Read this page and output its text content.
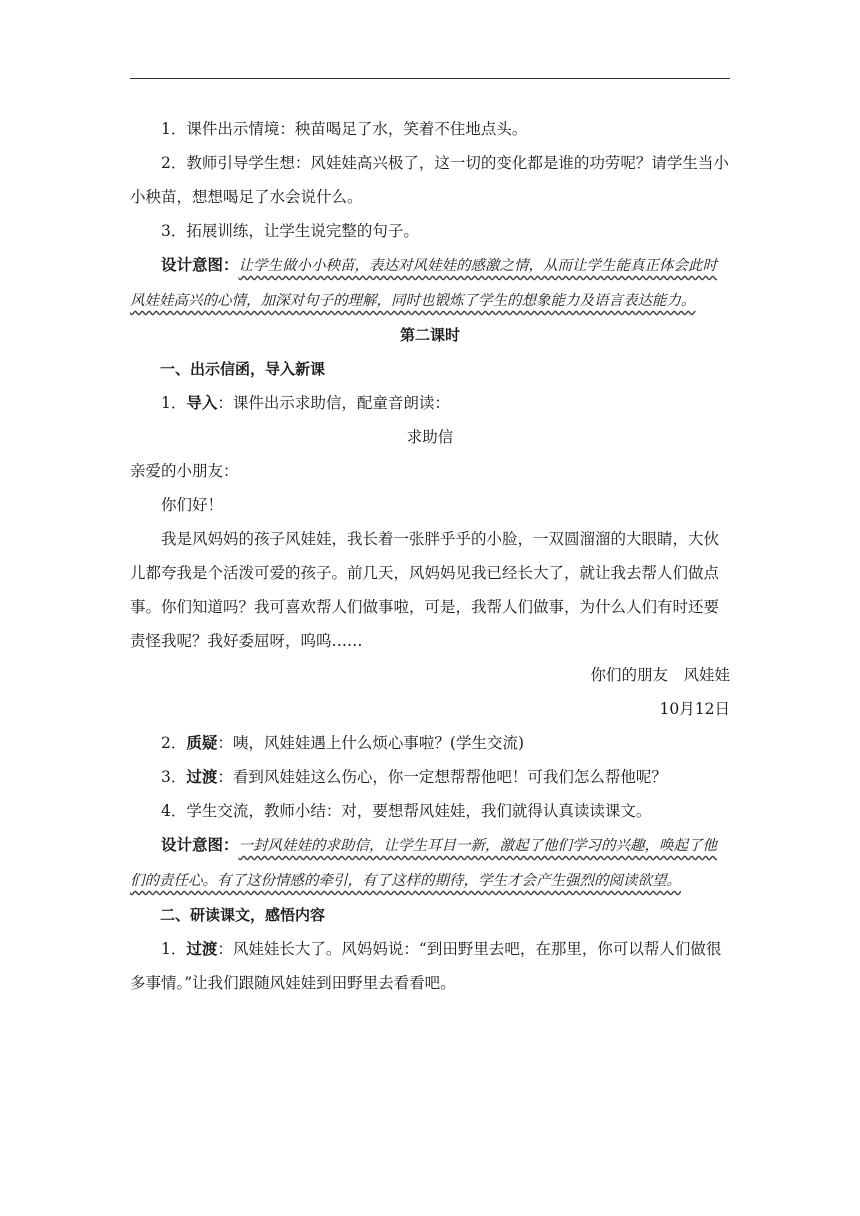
1．课件出示情境：秧苗喝足了水，笑着不住地点头。

2．教师引导学生想：风娃娃高兴极了，这一切的变化都是谁的功劳呢？请学生当小小秧苗，想想喝足了水会说什么。

3．拓展训练，让学生说完整的句子。

设计意图：让学生做小小秧苗，表达对风娃娃的感激之情，从而让学生能真正体会此时风娃娃高兴的心情，加深对句子的理解，同时也锻炼了学生的想象能力及语言表达能力。

第二课时

一、出示信函，导入新课

1．导入：课件出示求助信，配童音朗读：

求助信

亲爱的小朋友：

你们好！

我是风妈妈的孩子风娃娃，我长着一张胖乎乎的小脸，一双圆溜溜的大眼睛，大伙儿都夸我是个活泼可爱的孩子。前几天，风妈妈见我已经长大了，就让我去帮人们做点事。你们知道吗？我可喜欢帮人们做事啦，可是，我帮人们做事，为什么人们有时还要责怪我呢？我好委屈呀，呜呜……

你们的朋友　风娃娃

10月12日

2．质疑：咦，风娃娃遇上什么烦心事啦？(学生交流)

3．过渡：看到风娃娃这么伤心，你一定想帮帮他吧！可我们怎么帮他呢？

4．学生交流，教师小结：对，要想帮风娃娃，我们就得认真读读课文。

设计意图：一封风娃娃的求助信，让学生耳目一新，激起了他们学习的兴趣，唤起了他们的责任心。有了这份情感的牵引，有了这样的期待，学生才会产生强烈的阅读欲望。

二、研读课文，感悟内容

1．过渡：风娃娃长大了。风妈妈说：“到田野里去吧，在那里，你可以帮人们做很多事情。”让我们跟随风娃娃到田野里去看看吧。
